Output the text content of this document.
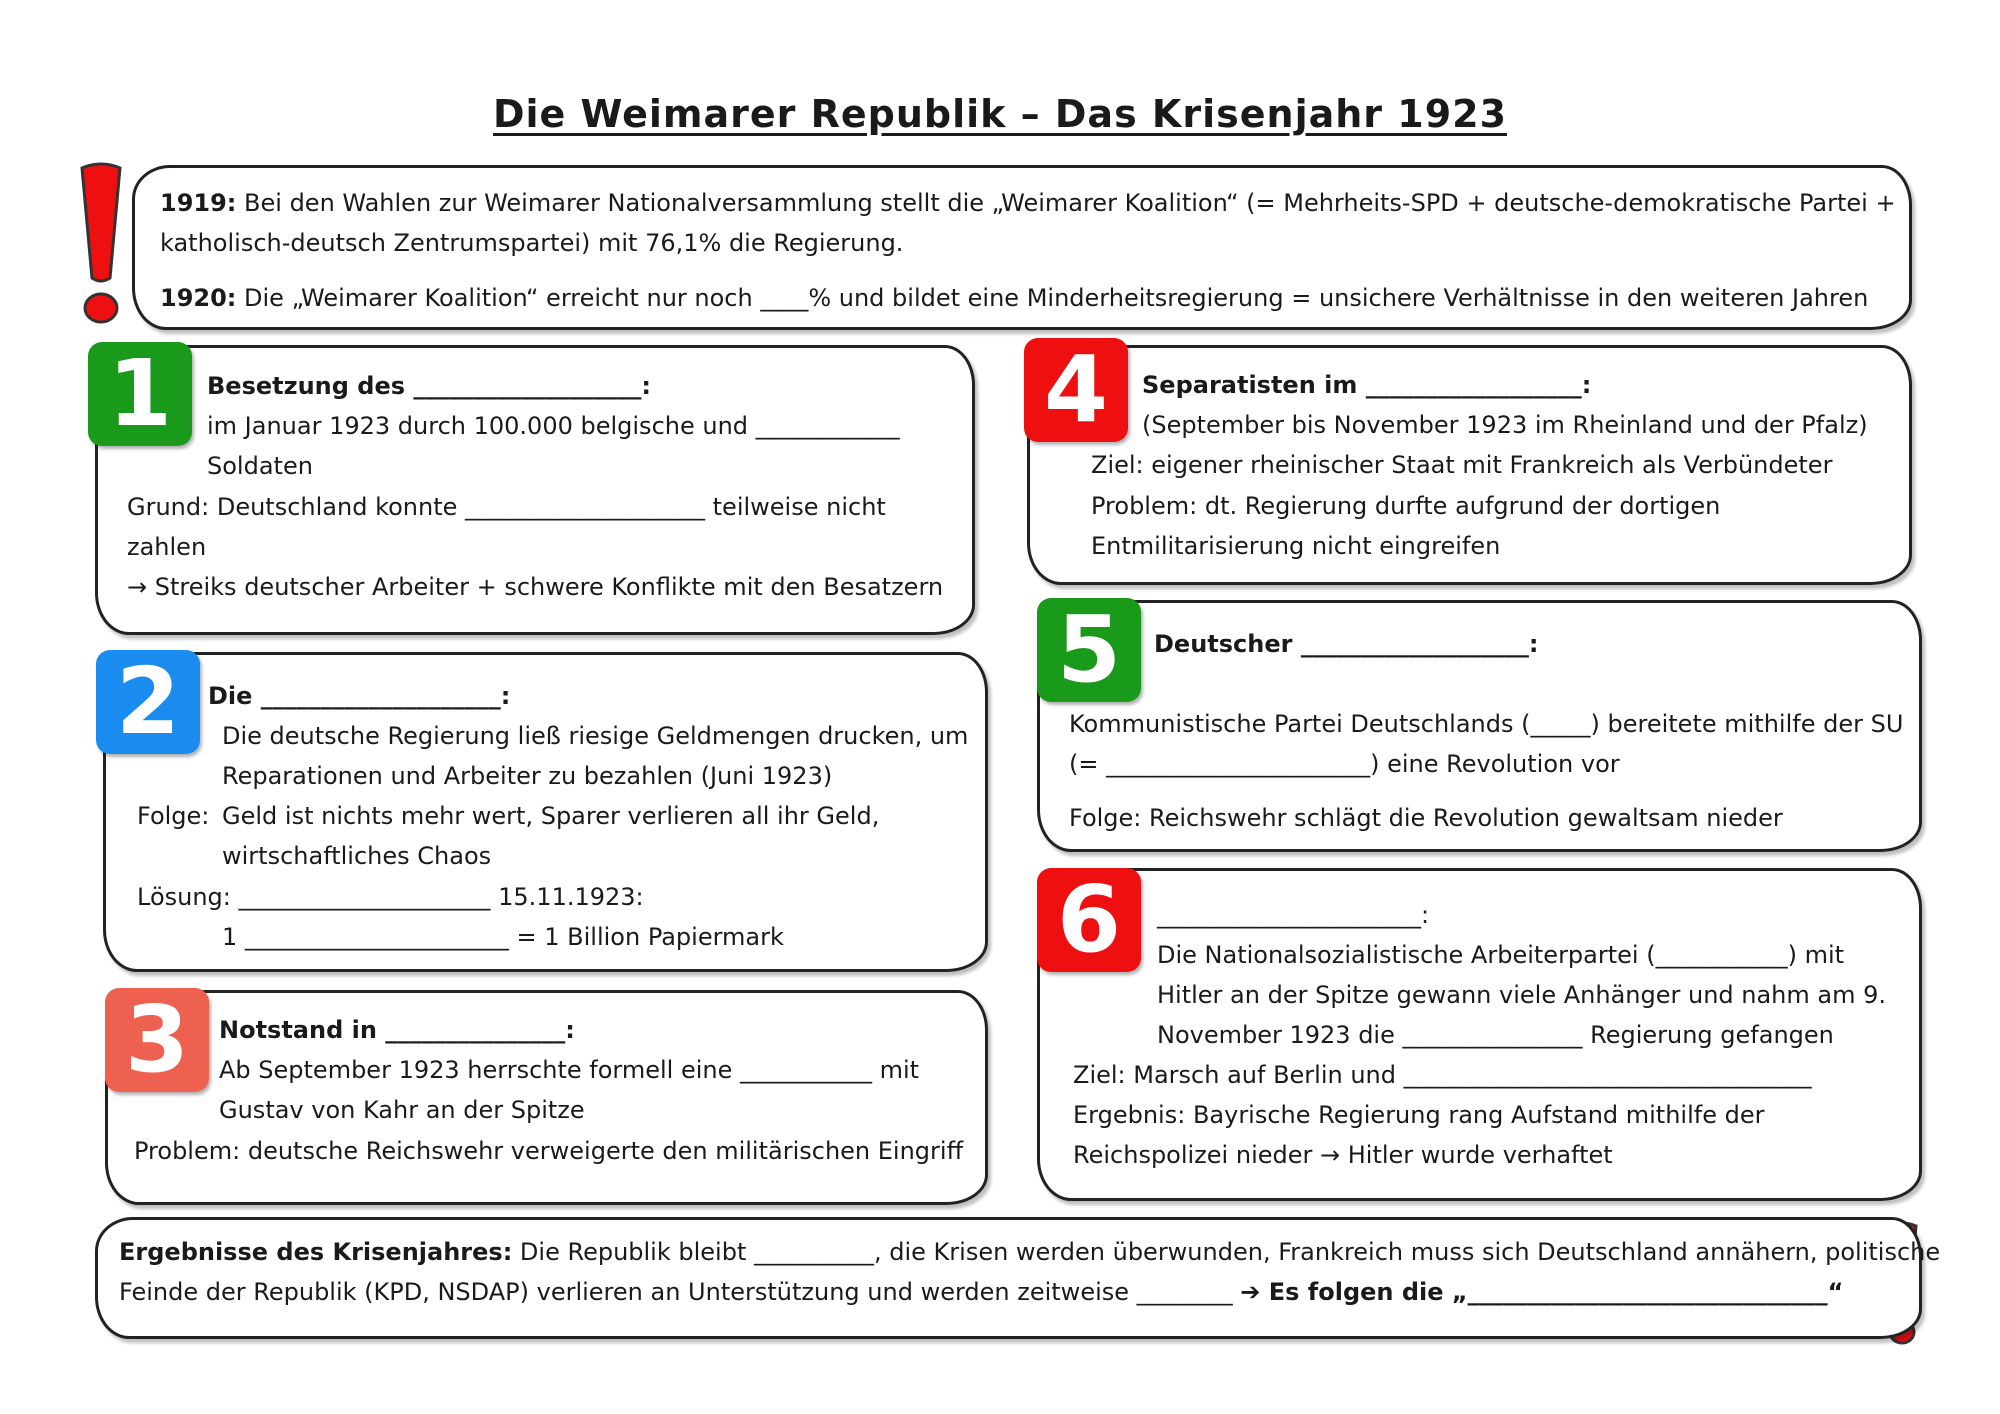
Die Weimarer Republik – Das Krisenjahr 1923
1919: Bei den Wahlen zur Weimarer Nationalversammlung stellt die „Weimarer Koalition“ (= Mehrheits-SPD + deutsche-demokratische Partei +
katholisch-deutsch Zentrumspartei) mit 76,1% die Regierung.
1920: Die „Weimarer Koalition“ erreicht nur noch ____% und bildet eine Minderheitsregierung = unsichere Verhältnisse in den weiteren Jahren
1	Besetzung des ___________________:
im Januar 1923 durch 100.000 belgische und ____________
Soldaten
Grund: Deutschland konnte ____________________ teilweise nicht
zahlen
→ Streiks deutscher Arbeiter + schwere Konflikte mit den Besatzern
2	Die ____________________:
Die deutsche Regierung ließ riesige Geldmengen drucken, um
Reparationen und Arbeiter zu bezahlen (Juni 1923)
Folge: Geld ist nichts mehr wert, Sparer verlieren all ihr Geld,
wirtschaftliches Chaos
Lösung: _____________________ 15.11.1923:
1 ______________________ = 1 Billion Papiermark
3	Notstand in _______________:
Ab September 1923 herrschte formell eine ___________ mit
Gustav von Kahr an der Spitze
Problem: deutsche Reichswehr verweigerte den militärischen Eingriff
4	Separatisten im __________________:
(September bis November 1923 im Rheinland und der Pfalz)
Ziel: eigener rheinischer Staat mit Frankreich als Verbündeter
Problem: dt. Regierung durfte aufgrund der dortigen
Entmilitarisierung nicht eingreifen
5	Deutscher ___________________:
Kommunistische Partei Deutschlands (_____) bereitete mithilfe der SU
(= ______________________) eine Revolution vor
Folge: Reichswehr schlägt die Revolution gewaltsam nieder
6	______________________:
Die Nationalsozialistische Arbeiterpartei (___________) mit
Hitler an der Spitze gewann viele Anhänger und nahm am 9.
November 1923 die _______________ Regierung gefangen
Ziel: Marsch auf Berlin und __________________________________
Ergebnis: Bayrische Regierung rang Aufstand mithilfe der
Reichspolizei nieder → Hitler wurde verhaftet
Ergebnisse des Krisenjahres: Die Republik bleibt __________, die Krisen werden überwunden, Frankreich muss sich Deutschland annähern, politische
Feinde der Republik (KPD, NSDAP) verlieren an Unterstützung und werden zeitweise ________ ➔ Es folgen die „______________________________“
